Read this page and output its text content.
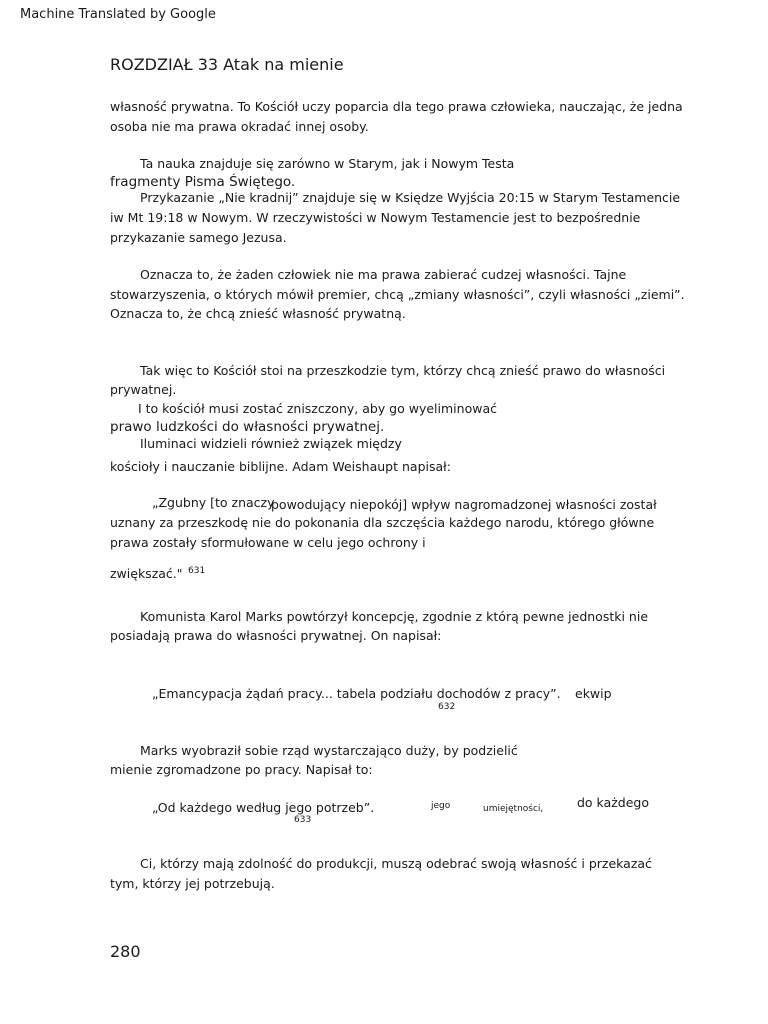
Machine Translated by Google
ROZDZIAŁ 33 Atak na mienie
własność prywatna. To Kościół uczy poparcia dla tego prawa człowieka, nauczając, że jedna
osoba nie ma prawa okradać innej osoby.
Ta nauka znajduje się zarówno w Starym, jak i Nowym Testa
fragmenty Pisma Świętego.
Przykazanie „Nie kradnij” znajduje się w Księdze Wyjścia 20:15 w Starym Testamencie
iw Mt 19:18 w Nowym. W rzeczywistości w Nowym Testamencie jest to bezpośrednie
przykazanie samego Jezusa.
Oznacza to, że żaden człowiek nie ma prawa zabierać cudzej własności. Tajne
stowarzyszenia, o których mówił premier, chcą „zmiany własności”, czyli własności „ziemi”.
Oznacza to, że chcą znieść własność prywatną.
Tak więc to Kościół stoi na przeszkodzie tym, którzy chcą znieść prawo do własności
prywatnej.
I to kościół musi zostać zniszczony, aby go wyeliminować
prawo ludzkości do własności prywatnej.
Iluminaci widzieli również związek między
kościoły i nauczanie biblijne. Adam Weishaupt napisał:
„Zgubny [to znaczy
powodujący niepokój] wpływ nagromadzonej własności został
uznany za przeszkodę nie do pokonania dla szczęścia każdego narodu, którego główne
prawa zostały sformułowane w celu jego ochrony i
zwiększać." 631
Komunista Karol Marks powtórzył koncepcję, zgodnie z którą pewne jednostki nie
posiadają prawa do własności prywatnej. On napisał:
„Emancypacja żądań pracy... tabela podziału dochodów z pracy”. ekwip
632
Marks wyobraził sobie rząd wystarczająco duży, by podzielić
mienie zgromadzone po pracy. Napisał to:
„Od każdego według jego potrzeb”.	jego	umiejętności,	do każdego
633
Ci, którzy mają zdolność do produkcji, muszą odebrać swoją własność i przekazać
tym, którzy jej potrzebują.
280
